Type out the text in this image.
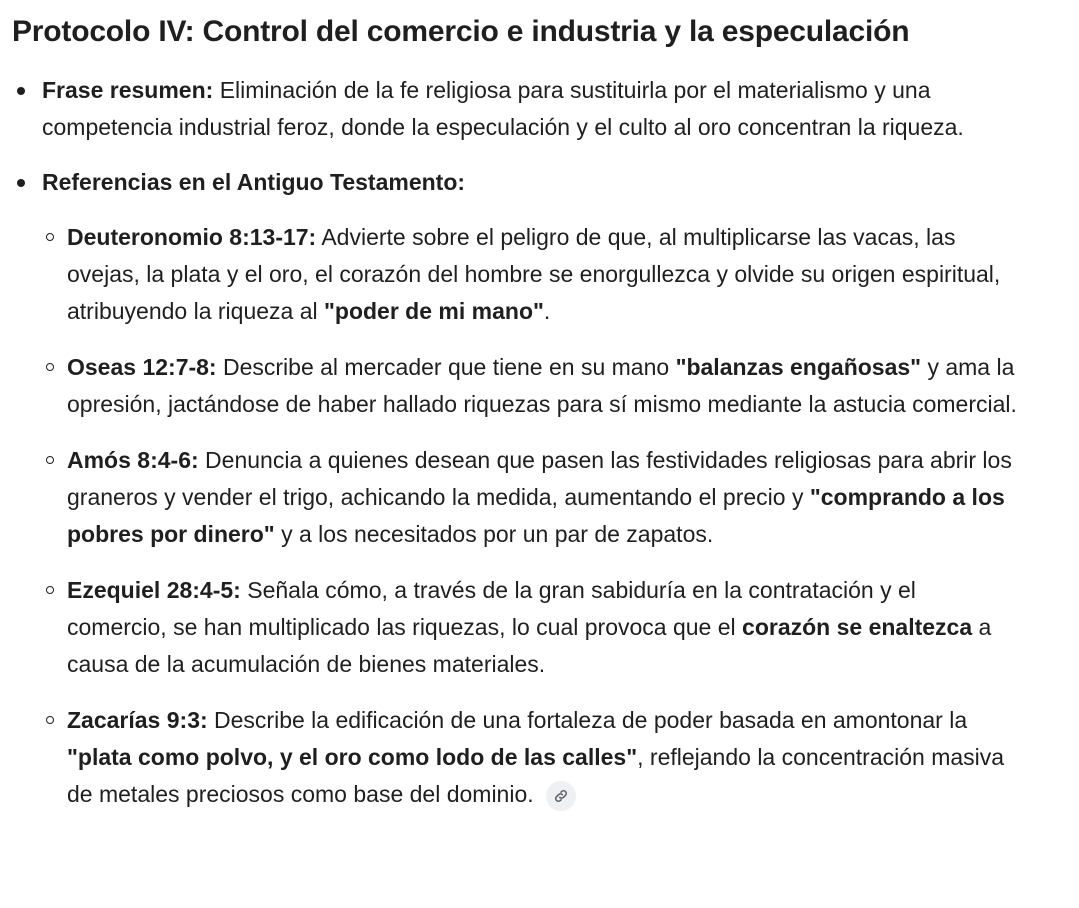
Protocolo IV: Control del comercio e industria y la especulación
Frase resumen: Eliminación de la fe religiosa para sustituirla por el materialismo y una competencia industrial feroz, donde la especulación y el culto al oro concentran la riqueza.
Referencias en el Antiguo Testamento:
Deuteronomio 8:13-17: Advierte sobre el peligro de que, al multiplicarse las vacas, las ovejas, la plata y el oro, el corazón del hombre se enorgullezca y olvide su origen espiritual, atribuyendo la riqueza al "poder de mi mano".
Oseas 12:7-8: Describe al mercader que tiene en su mano "balanzas engañosas" y ama la opresión, jactándose de haber hallado riquezas para sí mismo mediante la astucia comercial.
Amós 8:4-6: Denuncia a quienes desean que pasen las festividades religiosas para abrir los graneros y vender el trigo, achicando la medida, aumentando el precio y "comprando a los pobres por dinero" y a los necesitados por un par de zapatos.
Ezequiel 28:4-5: Señala cómo, a través de la gran sabiduría en la contratación y el comercio, se han multiplicado las riquezas, lo cual provoca que el corazón se enaltezca a causa de la acumulación de bienes materiales.
Zacarías 9:3: Describe la edificación de una fortaleza de poder basada en amontonar la "plata como polvo, y el oro como lodo de las calles", reflejando la concentración masiva de metales preciosos como base del dominio.
